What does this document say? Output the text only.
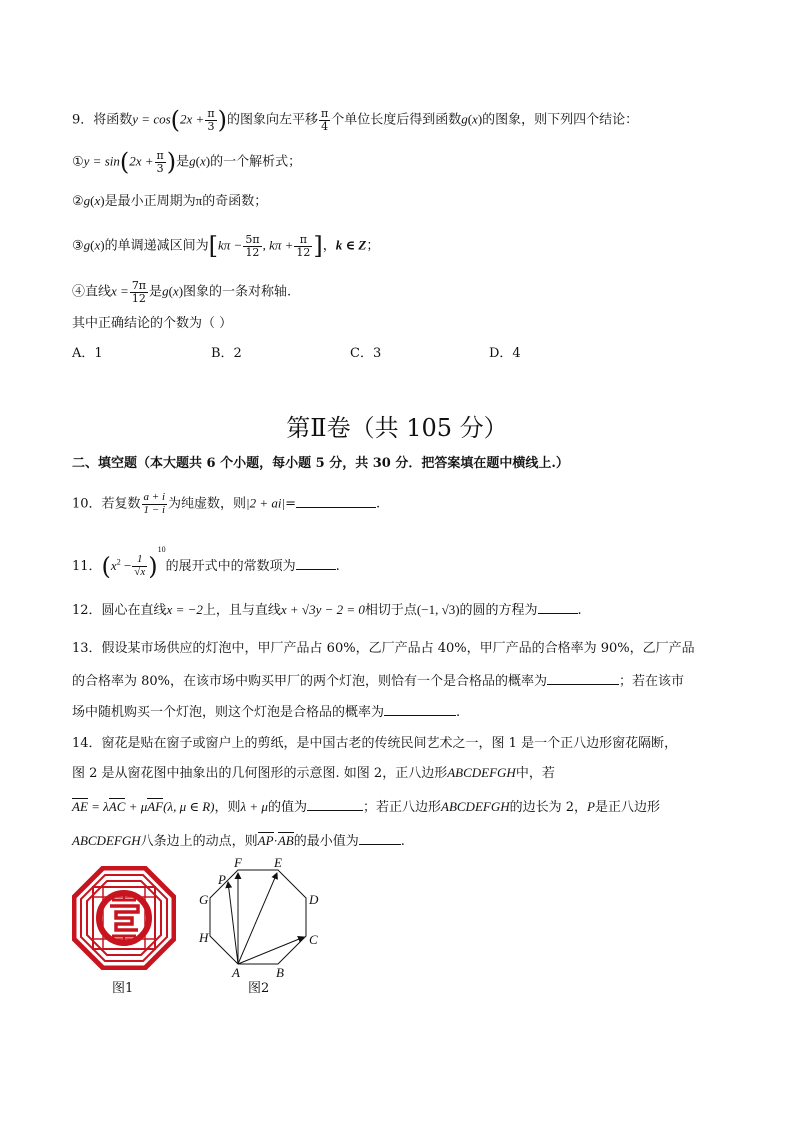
9．将函数$y = \cos(2x + \frac{\pi}{3}$ )的图象向左平移 $\frac{\pi}{4}$ 个单位长度后得到函数g(x)的图象，则下列四个结论：
①y = $\sin(2x + \frac{\pi}{3}$ )是g(x)的一个解析式；
②g(x)是最小正周期为π的奇函数；
③g(x)的单调递减区间为[$k\pi - \frac{5\pi}{12}$ , $k\pi + \frac{\pi}{12}$ ]，k ∈ Z；
④直线$x = \frac{7\pi}{12}$ 是g(x)图象的一条对称轴.
其中正确结论的个数为（ ）
A．1	B．2	C．3	D．4
第Ⅱ卷（共 105 分）
二、填空题（本大题共 6 个小题，每小题 5 分，共 30 分．把答案填在题中横线上.）
10．若复数 $\frac{a + i}{1 - i}$ 为纯虚数，则|2 + ai|=	.
11．$(x^2 - \frac{1}{√x} )^{10}$的展开式中的常数项为	.
12．圆心在直线x = −2上，且与直线x + √3y − 2 = 0相切于点(−1, √3)的圆的方程为	.
13．假设某市场供应的灯泡中，甲厂产品占 60%，乙厂产品占 40%，甲厂产品的合格率为 90%，乙厂产品
的合格率为 80%，在该市场中购买甲厂的两个灯泡，则恰有一个是合格品的概率为	；若在该市
场中随机购买一个灯泡，则这个灯泡是合格品的概率为	.
14．窗花是贴在窗子或窗户上的剪纸，是中国古老的传统民间艺术之一，图 1 是一个正八边形窗花隔断，
图 2 是从窗花图中抽象出的几何图形的示意图. 如图 2，正八边形ABCDEFGH中，若
AE = λAC + μAF(λ, μ ∈ R)，则λ + μ的值为	；若正八边形ABCDEFGH的边长为 2，P是正八边形
ABCDEFGH八条边上的动点，则AP·AB的最小值为	.
图1
A	B
C
D
E
F
G
H
P
图2
